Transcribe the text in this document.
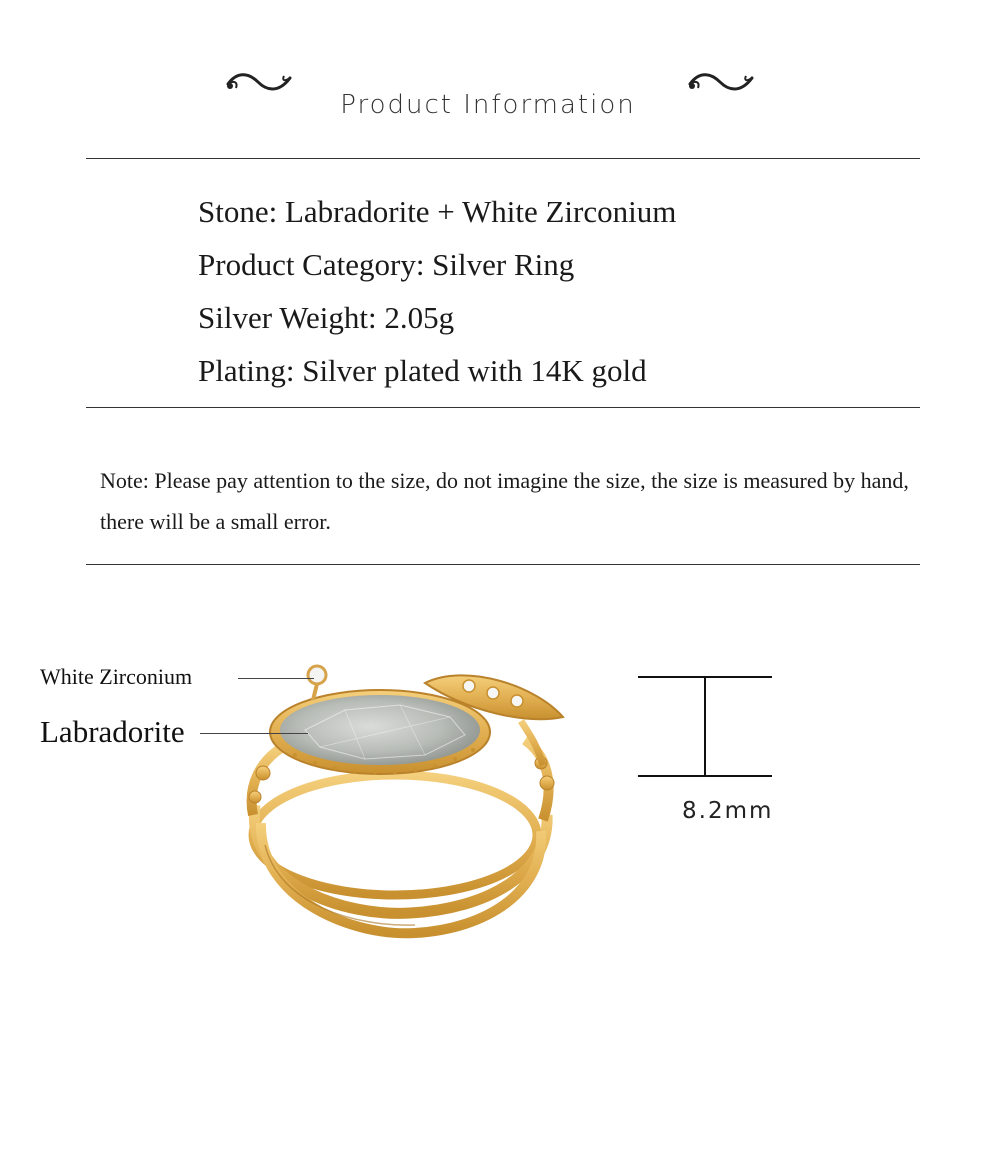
Product Information
Stone: Labradorite + White Zirconium
Product Category: Silver Ring
Silver Weight: 2.05g
Plating: Silver plated with 14K gold
Note: Please pay attention to the size, do not imagine the size, the size is measured by hand, there will be a small error.
White Zirconium
Labradorite
8.2mm
